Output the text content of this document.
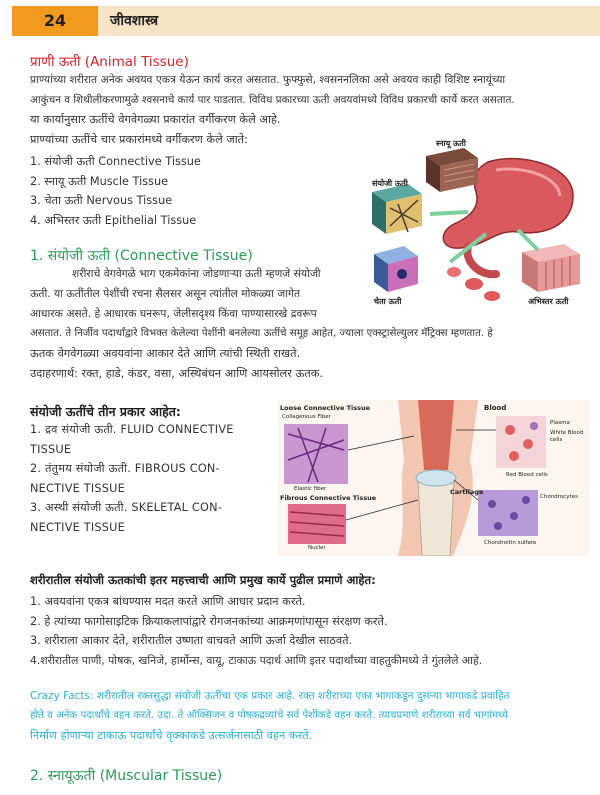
24	जीवशास्त्र
प्राणी ऊती (Animal Tissue)
प्राण्यांच्या शरीरात अनेक अवयव एकत्र येऊन कार्य करत असतात. फुफ्फुसे, श्वसननलिका असे अवयव काही विशिष्ट स्नायूंच्या
आकुंचन व शिथीलीकरणामुळे श्वसनाचे कार्य पार पाडतात. विविध प्रकारच्या ऊती अवयवांमध्ये विविध प्रकारची कार्ये करत असतात.
या कार्यानुसार ऊतींचे वेगवेगळ्या प्रकारांत वर्गीकरण केले आहे.
प्राण्यांच्या ऊतींचे चार प्रकारांमध्ये वर्गीकरण केले जाते:
1. संयोजी ऊती Connective Tissue
2. स्नायू ऊती Muscle Tissue
3. चेता ऊती Nervous Tissue
4. अभिस्तर ऊती Epithelial Tissue
स्नायू ऊती
संयोजी ऊती
चेता ऊती	अभिस्तर ऊती
1. संयोजी ऊती (Connective Tissue)
शरीराचे वेगवेगळे भाग एकमेकांना जोडणाऱ्या ऊती म्हणजे संयोजी
ऊती. या ऊतींतील पेशींची रचना सैलसर असून त्यांतील मोकळ्या जागेत
आधारक असते. हे आधारक घनरूप, जेलीसदृश्य किंवा पाण्यासारखे द्रवरूप
असतात. ते निर्जीव पदार्थांद्वारे विभक्त केलेल्या पेशींनी बनलेल्या ऊतींचे समूह आहेत, ज्याला एक्स्ट्रासेल्युलर मॅट्रिक्स म्हणतात. हे
ऊतक वेगवेगळ्या अवयवांना आकार देते आणि त्यांची स्थिती राखते.
उदाहरणार्थ: रक्त, हाडे, कंडर, वसा, अस्थिबंधन आणि आयसोलर ऊतक.
संयोजी ऊतींचे तीन प्रकार आहेत:
1. द्रव संयोजी ऊती. FLUID CONNECTIVE
TISSUE
2. तंतुमय संयोजी ऊती. FIBROUS CON-
NECTIVE TISSUE
3. अस्थी संयोजी ऊती. SKELETAL CON-
NECTIVE TISSUE
Loose Connective Tissue
Collagenous Fiber
Elastic fiber
Fibrous Connective Tissue
Nuclei
Blood
Plasma
White Blood cells
Red Blood cells
Cartilage
Chondrocytes
Chondroitin sulfate
शरीरातील संयोजी ऊतकांची इतर महत्त्वाची आणि प्रमुख कार्ये पुढील प्रमाणे आहेत:
1. अवयवांना एकत्र बांधण्यास मदत करते आणि आधार प्रदान करते.
2. हे त्यांच्या फागोसाइटिक क्रियाकलापांद्वारे रोगजनकांच्या आक्रमणांपासून संरक्षण करते.
3. शरीराला आकार देते, शरीरातील उष्णता वाचवते आणि ऊर्जा देखील साठवते.
4.शरीरातील पाणी, पोषक, खनिजे, हार्मोन्स, वायू, टाकाऊ पदार्थ आणि इतर पदार्थांच्या वाहतुकीमध्ये ते गुंतलेले आहे.
Crazy Facts: शरीरातील रक्तसुद्धा संयोजी ऊतींचा एक प्रकार आहे. रक्त शरीराच्या एका भागाकडून दुसऱ्या भागाकडे प्रवाहित
होते व अनेक पदार्थांचे वहन करते. उदा. ते ऑक्सिजन व पोषकद्रव्यांचे सर्व पेशींकडे वहन करते. त्याचप्रमाणे शरीराच्या सर्व भागांमध्ये
निर्माण होणाऱ्या टाकाऊ पदार्थांचे वृक्काकडे उत्सर्जनासाठी वहन करते.
2. स्नायूऊती (Muscular Tissue)
